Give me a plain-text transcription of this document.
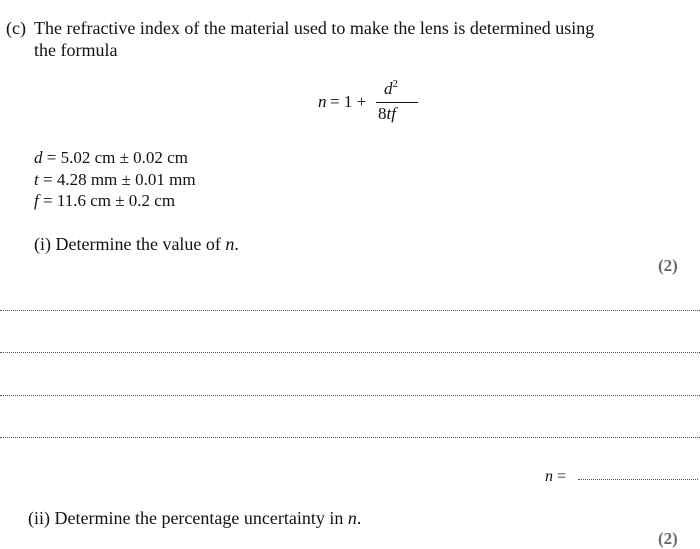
(c) The refractive index of the material used to make the lens is determined using
the formula
n = 1 +
$d^2$
8tf
d = 5.02 cm ± 0.02 cm
t = 4.28 mm ± 0.01 mm
f = 11.6 cm ± 0.2 cm
(i) Determine the value of n.
(2)
n =
(ii) Determine the percentage uncertainty in n.
(2)
